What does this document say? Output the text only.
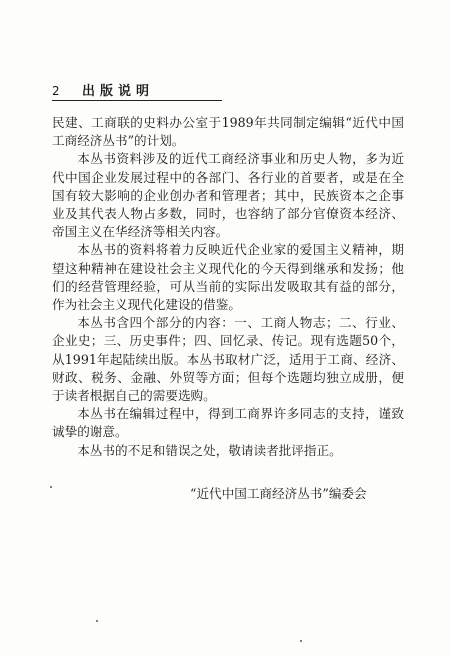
2 出版说明

民建、工商联的史料办公室于1989年共同制定编辑“近代中国工商经济丛书”的计划。

本丛书资料涉及的近代工商经济事业和历史人物，多为近代中国企业发展过程中的各部门、各行业的首要者，或是在全国有较大影响的企业创办者和管理者；其中，民族资本之企事业及其代表人物占多数，同时，也容纳了部分官僚资本经济、帝国主义在华经济等相关内容。

本丛书的资料将着力反映近代企业家的爱国主义精神，期望这种精神在建设社会主义现代化的今天得到继承和发扬；他们的经营管理经验，可从当前的实际出发吸取其有益的部分，作为社会主义现代化建设的借鉴。

本丛书含四个部分的内容：一、工商人物志；二、行业、企业史；三、历史事件；四、回忆录、传记。现有选题50个，从1991年起陆续出版。本丛书取材广泛，适用于工商、经济、财政、税务、金融、外贸等方面；但每个选题均独立成册，便于读者根据自己的需要选购。

本丛书在编辑过程中，得到工商界许多同志的支持，谨致诚挚的谢意。

本丛书的不足和错误之处，敬请读者批评指正。

“近代中国工商经济丛书”编委会
